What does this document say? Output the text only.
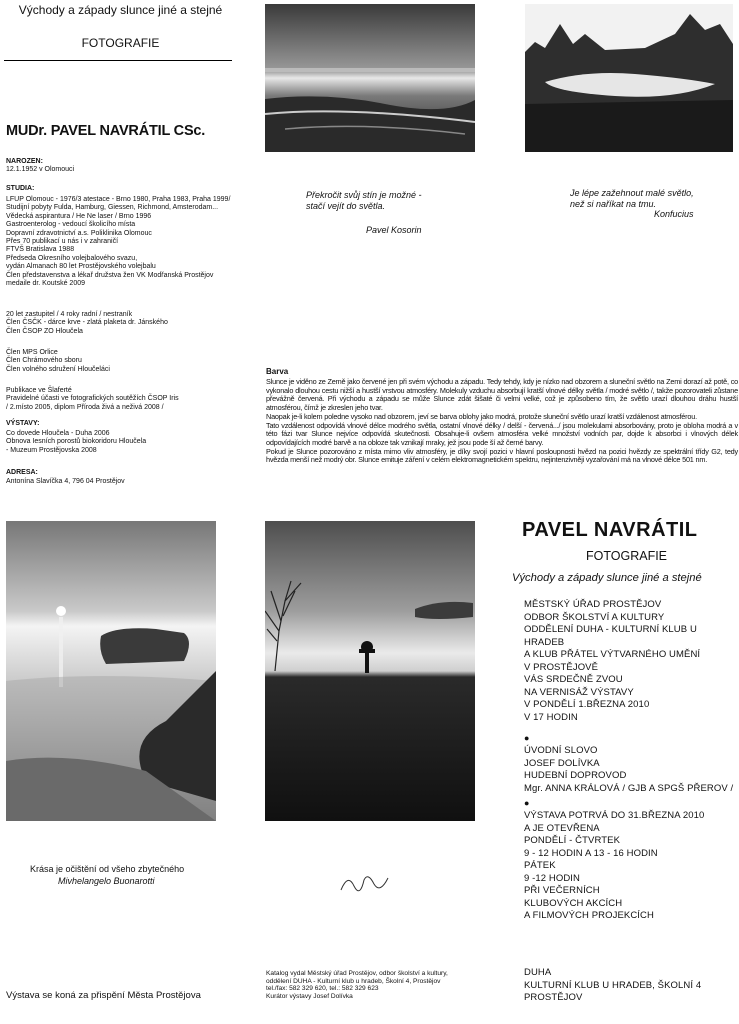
Východy a západy slunce jiné a stejné
FOTOGRAFIE
MUDr. PAVEL NAVRÁTIL CSc.
NAROZEN:
12.1.1952 v Olomouci
STUDIA:
LFUP Olomouc - 1976/3 atestace - Brno 1980, Praha 1983, Praha 1999/
Studijní pobyty Fulda, Hamburg, Giessen, Richmond, Amsterodam...
Vědecká aspirantura / He Ne laser / Brno 1996
Gastroenterolog - vedoucí školicího místa
Dopravní zdravotnictví a.s. Poliklinika Olomouc
Přes 70 publikací u nás i v zahraničí
FTVŠ Bratislava 1988
Předseda Okresního volejbalového svazu,
vydán Almanach 80 let Prostějovského volejbalu
Člen představenstva a lékař družstva žen VK Modřanská Prostějov
medaile dr. Koutské 2009
20 let zastupitel / 4 roky radní / nestraník
Člen ČSČK - dárce krve - zlatá plaketa dr. Jánského
Člen ČSOP ZO Hloučela
Člen MPS Orlice
Člen Chrámového sboru
Člen volného sdružení Hloučeláci
Publikace ve Šlaferté
Pravidelné účasti ve fotografických soutěžích ČSOP Iris
/ 2.místo 2005, diplom Příroda živá a neživá 2008 /
VÝSTAVY:
Co dovede Hloučela - Duha 2006
Obnova Iesních porostů biokoridoru Hloučela
- Muzeum Prostějovska 2008
ADRESA:
Antonína Slavíčka 4, 796 04 Prostějov
Překročit svůj stín je možné -
stačí vejít do světla.
Pavel Kosorin
Je lépe zažehnout malé světlo,
než si naříkat na tmu.
Konfucius
Barva
Slunce je viděno ze Země jako červené jen při svém východu a západu. Tedy tehdy, kdy je nízko nad obzorem a sluneční světlo na Zemi dorazí až potě, co vykonalo dlouhou cestu nižší a hustší vrstvou atmosféry. Molekuly vzduchu absorbují kratší vlnové délky světla / modré světlo /, takže pozorovateli zůstane převážně červená. Při východu a západu se může Slunce zdát šišaté či velmi velké, což je způsobeno tím, že světlo urazí dlouhou dráhu hustší atmosférou, čímž je zkreslen jeho tvar.
Naopak je-li kolem poledne vysoko nad obzorem, jeví se barva oblohy jako modrá, protože sluneční světlo urazí kratší vzdálenost atmosférou.
Tato vzdálenost odpovídá vlnové délce modrého světla, ostatní vlnové délky / delší - červená.../ jsou molekulami absorbovány, proto je obloha modrá a v této fázi tvar Slunce nejvíce odpovídá skutečnosti. Obsahuje-li ovšem atmosféra velké množství vodních par, dojde k absorbci i vlnových délek odpovídajících modré barvě a na obloze tak vznikají mraky, jež jsou pode ší až černé barvy.
Pokud je Slunce pozorováno z místa mimo vliv atmosféry, je díky svojí pozici v hlavní posloupnosti hvězd na pozici hvězdy ze spektrální třídy G2, tedy hvězda menší než modrý obr. Slunce emituje záření v celém elektromagnetickém spektru, nejintenzivněji vyzařování má na vlnové délce 501 nm.
Krása je očištění od všeho zbytečného
Mivhelangelo Buonarotti
Výstava se koná za přispění Města Prostějova
Katalog vydal Městský úřad Prostějov, odbor školství a kultury,
oddělení DUHA - Kulturní klub u hradeb, Školní 4, Prostějov
tel./fax: 582 329 620, tel.: 582 329 623
Kurátor výstavy Josef Dolívka
PAVEL NAVRÁTIL
FOTOGRAFIE
Východy a západy slunce jiné a stejné
MĚSTSKÝ ÚŘAD PROSTĚJOV
ODBOR ŠKOLSTVÍ A KULTURY
ODDĚLENÍ DUHA - KULTURNÍ KLUB U HRADEB
A KLUB PŘÁTEL VÝTVARNÉHO UMĚNÍ
V PROSTĚJOVĚ
VÁS SRDEČNĚ ZVOU
NA VERNISÁŽ VÝSTAVY
V PONDĚLÍ 1.BŘEZNA 2010
V 17 HODIN
●
ÚVODNÍ SLOVO
JOSEF DOLÍVKA
HUDEBNÍ DOPROVOD
Mgr. ANNA KRÁLOVÁ / GJB A SPGŠ PŘEROV /
●
VÝSTAVA POTRVÁ DO 31.BŘEZNA 2010
A JE OTEVŘENA
PONDĚLÍ - ČTVRTEK
9 - 12 HODIN A 13 - 16 HODIN
PÁTEK
9 -12 HODIN
PŘI VEČERNÍCH
KLUBOVÝCH AKCÍCH
A FILMOVÝCH PROJEKCÍCH
DUHA
KULTURNÍ KLUB U HRADEB, ŠKOLNÍ 4
PROSTĚJOV
